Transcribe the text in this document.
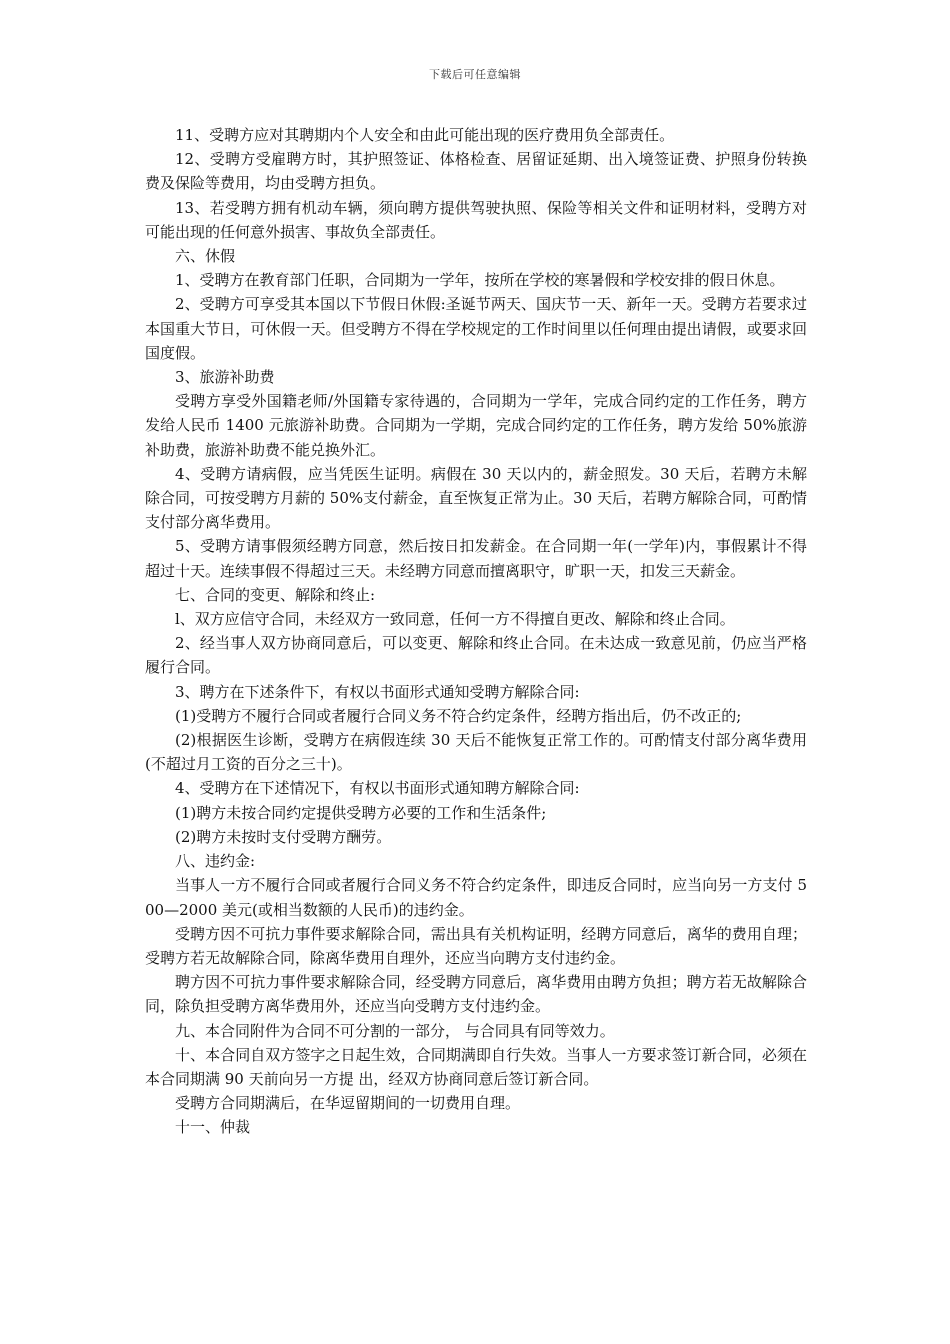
下载后可任意编辑

11、受聘方应对其聘期内个人安全和由此可能出现的医疗费用负全部责任。

12、受聘方受雇聘方时，其护照签证、体格检查、居留证延期、出入境签证费、护照身份转换费及保险等费用，均由受聘方担负。

13、若受聘方拥有机动车辆，须向聘方提供驾驶执照、保险等相关文件和证明材料，受聘方对可能出现的任何意外损害、事故负全部责任。

六、休假

1、受聘方在教育部门任职，合同期为一学年，按所在学校的寒暑假和学校安排的假日休息。

2、受聘方可享受其本国以下节假日休假:圣诞节两天、国庆节一天、新年一天。受聘方若要求过本国重大节日，可休假一天。但受聘方不得在学校规定的工作时间里以任何理由提出请假，或要求回国度假。

3、旅游补助费

受聘方享受外国籍老师/外国籍专家待遇的，合同期为一学年，完成合同约定的工作任务，聘方发给人民币 1400 元旅游补助费。合同期为一学期，完成合同约定的工作任务，聘方发给 50%旅游补助费，旅游补助费不能兑换外汇。

4、受聘方请病假，应当凭医生证明。病假在 30 天以内的，薪金照发。30 天后，若聘方未解除合同，可按受聘方月薪的 50%支付薪金，直至恢复正常为止。30 天后，若聘方解除合同，可酌情支付部分离华费用。

5、受聘方请事假须经聘方同意，然后按日扣发薪金。在合同期一年(一学年)内，事假累计不得超过十天。连续事假不得超过三天。未经聘方同意而擅离职守，旷职一天，扣发三天薪金。

七、合同的变更、解除和终止:

l、双方应信守合同，未经双方一致同意，任何一方不得擅自更改、解除和终止合同。

2、经当事人双方协商同意后，可以变更、解除和终止合同。在未达成一致意见前，仍应当严格履行合同。

3、聘方在下述条件下，有权以书面形式通知受聘方解除合同:

(1)受聘方不履行合同或者履行合同义务不符合约定条件，经聘方指出后，仍不改正的;

(2)根据医生诊断，受聘方在病假连续 30 天后不能恢复正常工作的。可酌情支付部分离华费用(不超过月工资的百分之三十)。

4、受聘方在下述情况下，有权以书面形式通知聘方解除合同:

(1)聘方未按合同约定提供受聘方必要的工作和生活条件;

(2)聘方未按时支付受聘方酬劳。

八、违约金:

当事人一方不履行合同或者履行合同义务不符合约定条件，即违反合同时，应当向另一方支付 500—2000 美元(或相当数额的人民币)的违约金。

受聘方因不可抗力事件要求解除合同，需出具有关机构证明，经聘方同意后，离华的费用自理；受聘方若无故解除合同，除离华费用自理外，还应当向聘方支付违约金。

聘方因不可抗力事件要求解除合同，经受聘方同意后，离华费用由聘方负担；聘方若无故解除合同，除负担受聘方离华费用外，还应当向受聘方支付违约金。

九、本合同附件为合同不可分割的一部分， 与合同具有同等效力。

十、本合同自双方签字之日起生效，合同期满即自行失效。当事人一方要求签订新合同，必须在本合同期满 90 天前向另一方提 出，经双方协商同意后签订新合同。

受聘方合同期满后，在华逗留期间的一切费用自理。

十一、仲裁
